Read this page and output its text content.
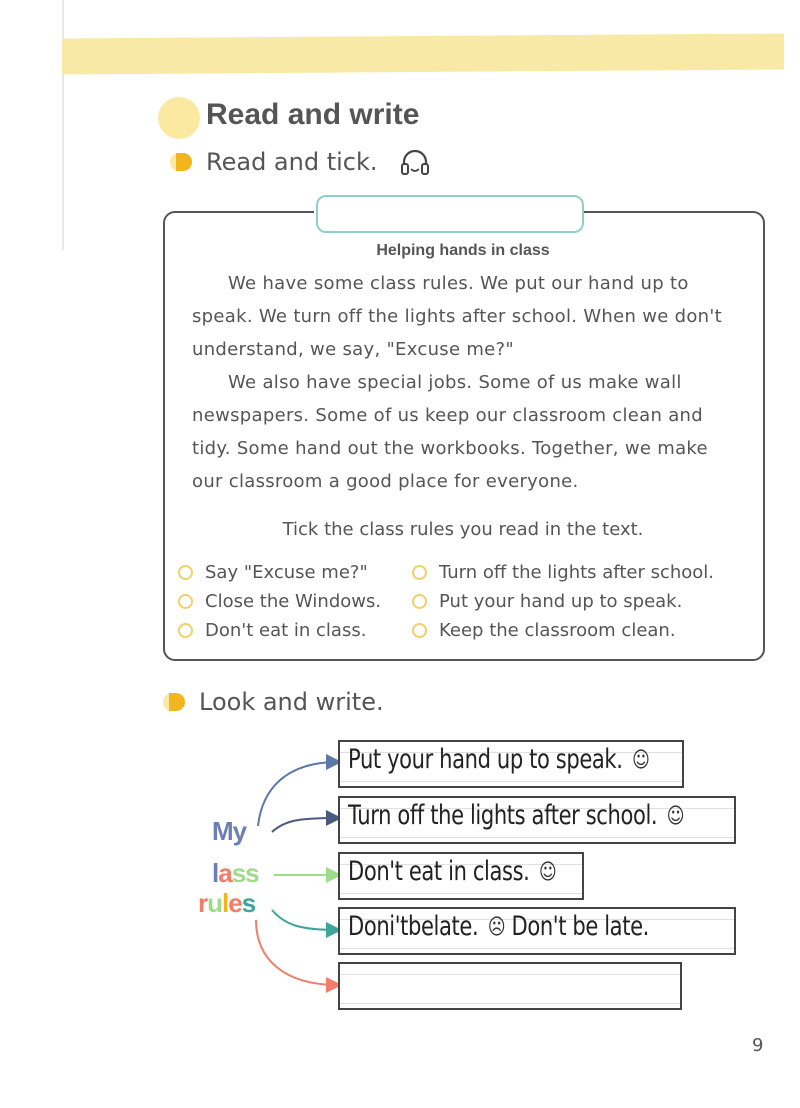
Read and write
Read and tick.
Helping hands in class

We have some class rules. We put our hand up to speak. We turn off the lights after school. When we don't understand, we say, "Excuse me?"

We also have special jobs. Some of us make wall newspapers. Some of us keep our classroom clean and tidy. Some hand out the workbooks. Together, we make our classroom a good place for everyone.

Tick the class rules you read in the text.

Say "Excuse me?"
Close the Windows.
Don't eat in class.
Turn off the lights after school.
Put your hand up to speak.
Keep the classroom clean.
Look and write.

My

lass

rules

Put your hand up to speak. ☺
Turn off the lights after school. ☺
Don't eat in class. ☺
Doni'tbelate. ☹ Don't be late.

9
